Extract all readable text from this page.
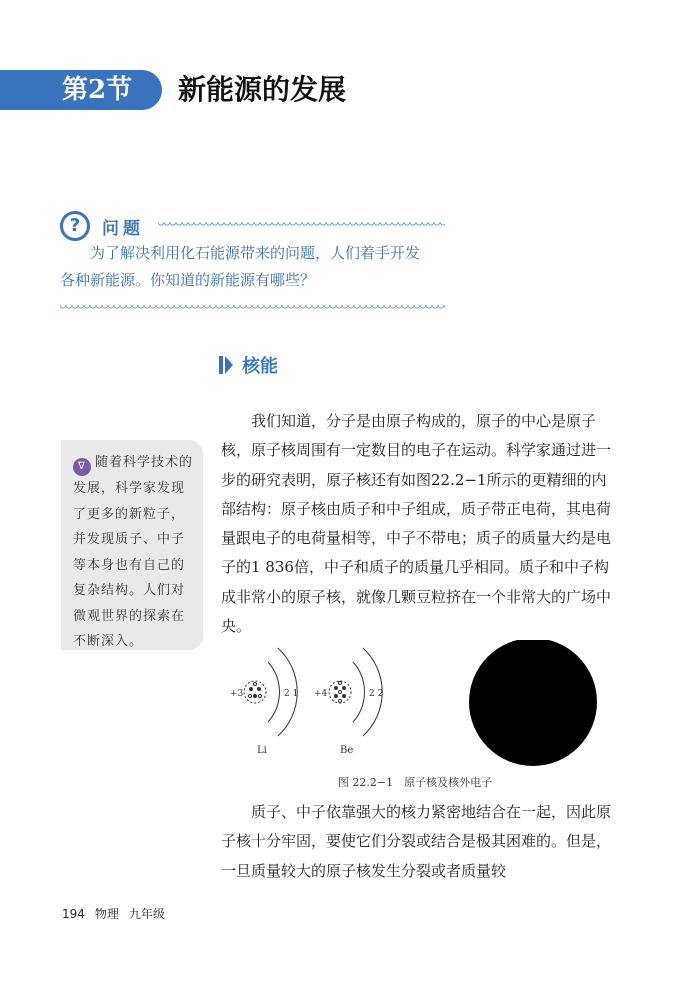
第2节	新能源的发展
?	问题

为了解决利用化石能源带来的问题，人们着手开发

各种新能源。你知道的新能源有哪些？

核能
∇ 随着科学技术的发展，科学家发现了更多的新粒子，并发现质子、中子等本身也有自己的复杂结构。人们对微观世界的探索在不断深入。

我们知道，分子是由原子构成的，原子的中心是原子核，原子核周围有一定数目的电子在运动。科学家通过进一步的研究表明，原子核还有如图22.2−1所示的更精细的内部结构：原子核由质子和中子组成，质子带正电荷，其电荷量跟电子的电荷量相等，中子不带电；质子的质量大约是电子的1 836倍，中子和质子的质量几乎相同。质子和中子构成非常小的原子核，就像几颗豆粒挤在一个非常大的广场中央。

+3	2 1
Li
+4	2 2
Be
图 22.2−1　原子核及核外电子

质子、中子依靠强大的核力紧密地结合在一起，因此原子核十分牢固，要使它们分裂或结合是极其困难的。但是，一旦质量较大的原子核发生分裂或者质量较

194 物理 九年级
